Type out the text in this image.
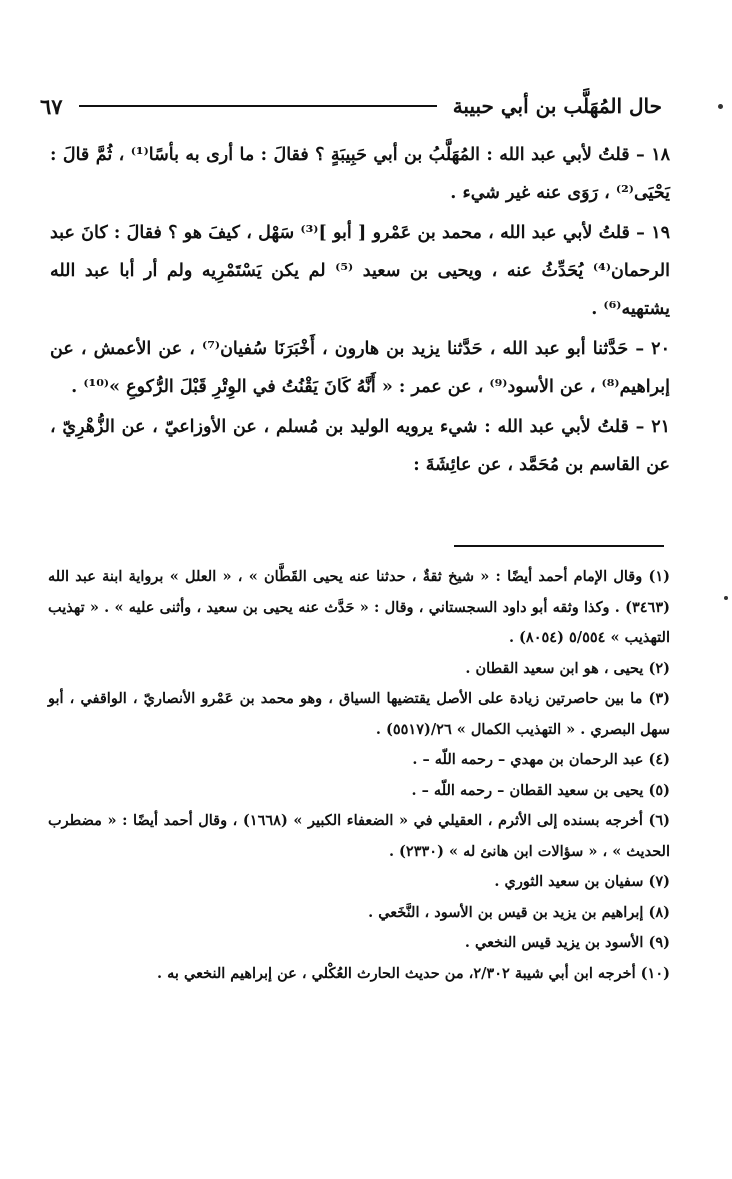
حال المُهَلَّب بن أبي حبيبة
٦٧

١٨ – قلتُ لأبي عبد الله : المُهَلَّبُ بن أبي حَبِيبَةٍ ؟ فقالَ : ما أرى به بأسًا⁽¹⁾ ، ثُمَّ قالَ : يَحْيَى⁽²⁾ ، رَوَى عنه غير شيء .

١٩ – قلتُ لأبي عبد الله ، محمد بن عَمْرو [ أبو ]⁽³⁾ سَهْل ، كيفَ هو ؟ فقالَ : كانَ عبد الرحمان⁽⁴⁾ يُحَدِّثُ عنه ، ويحيى بن سعيد ⁽⁵⁾ لم يكن يَسْتَمْرِيه ولم أر أبا عبد الله يشتهيه⁽⁶⁾ .

٢٠ – حَدَّثنا أبو عبد الله ، حَدَّثنا يزيد بن هارون ، أَخْبَرَنَا سُفيان⁽⁷⁾ ، عن الأعمش ، عن إبراهيم⁽⁸⁾ ، عن الأسود⁽⁹⁾ ، عن عمر : « أَنَّهُ كَانَ يَقْنُتُ في الوِتْرِ قَبْلَ الرُّكوعِ »⁽¹⁰⁾ .

٢١ – قلتُ لأبي عبد الله : شيء يرويه الوليد بن مُسلم ، عن الأوزاعيّ ، عن الزُّهْرِيّ ، عن القاسم بن مُحَمَّد ، عن عائِشَةَ :

(١) وقال الإمام أحمد أيضًا : « شيخ ثقةٌ ، حدثنا عنه يحيى القَطَّان » ، « العلل » برواية ابنة عبد الله (٣٤٦٣) . وكذا وثقه أبو داود السجستاني ، وقال : « حَدَّث عنه يحيى بن سعيد ، وأثنى عليه » . « تهذيب التهذيب » ٥/٥٥٤ (٨٠٥٤) .

(٢) يحيى ، هو ابن سعيد القطان .

(٣) ما بين حاصرتين زيادة على الأصل يقتضيها السياق ، وهو محمد بن عَمْرو الأنصاريّ ، الواقفي ، أبو سهل البصري . « التهذيب الكمال » ٢٦/(٥٥١٧) .

(٤) عبد الرحمان بن مهدي – رحمه اللّه – .

(٥) يحيى بن سعيد القطان – رحمه اللّه – .

(٦) أخرجه بسنده إلى الأثرم ، العقيلي في « الضعفاء الكبير » (١٦٦٨) ، وقال أحمد أيضًا : « مضطرب الحديث » ، « سؤالات ابن هانئ له » (٢٣٣٠) .

(٧) سفيان بن سعيد الثوري .

(٨) إبراهيم بن يزيد بن قيس بن الأسود ، النَّخَعي .

(٩) الأسود بن يزيد قيس النخعي .

(١٠) أخرجه ابن أبي شيبة ٢/٣٠٢، من حديث الحارث العُكْلي ، عن إبراهيم النخعي به .
